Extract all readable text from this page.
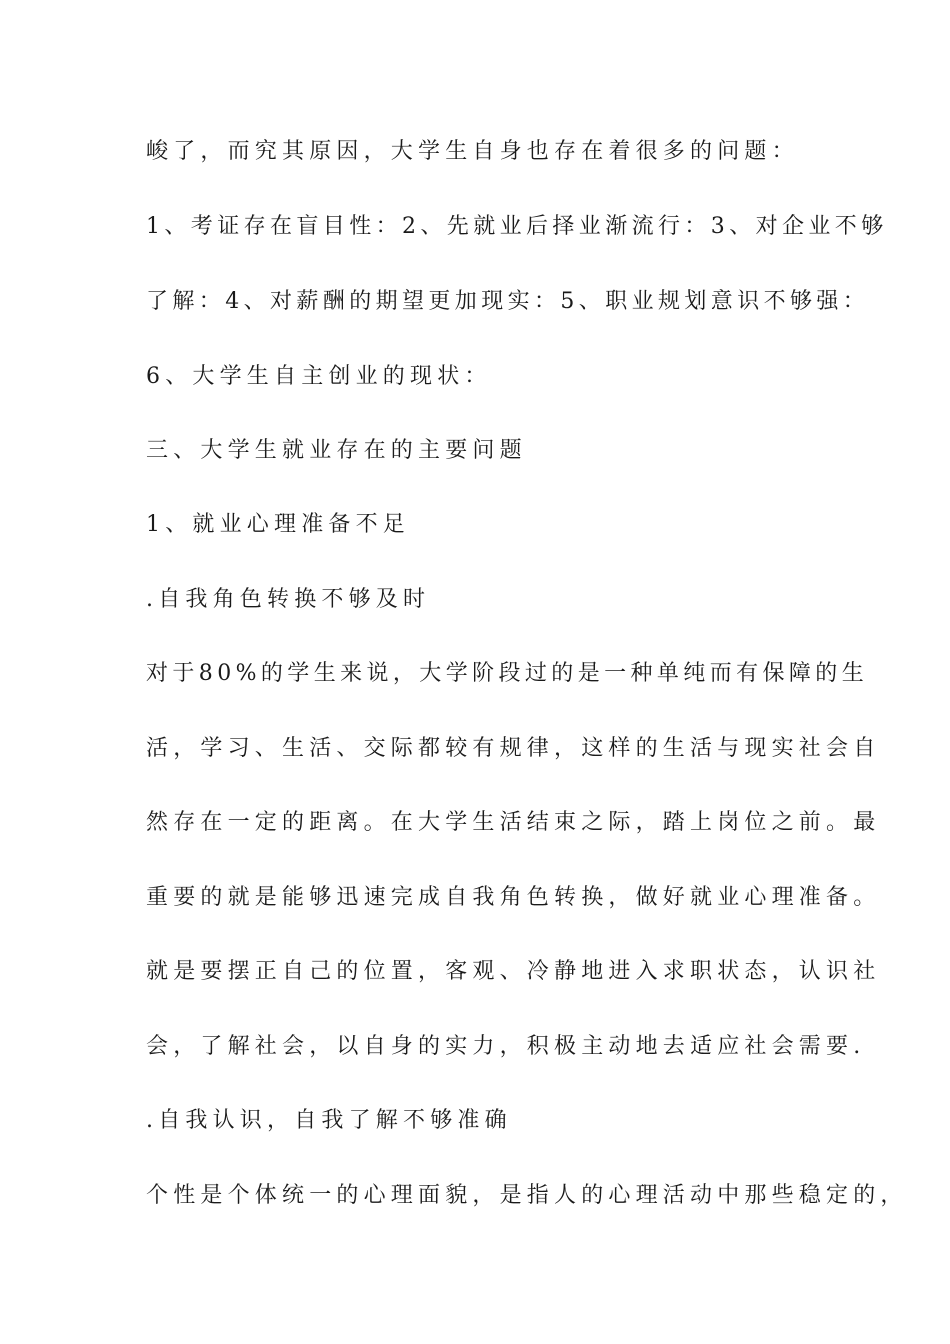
峻了，而究其原因，大学生自身也存在着很多的问题：
1、考证存在盲目性：2、先就业后择业渐流行：3、对企业不够
了解：4、对薪酬的期望更加现实：5、职业规划意识不够强：
6、大学生自主创业的现状：
三、大学生就业存在的主要问题
1、就业心理准备不足
.自我角色转换不够及时
对于80%的学生来说，大学阶段过的是一种单纯而有保障的生
活，学习、生活、交际都较有规律，这样的生活与现实社会自
然存在一定的距离。在大学生活结束之际，踏上岗位之前。最
重要的就是能够迅速完成自我角色转换，做好就业心理准备。
就是要摆正自己的位置，客观、冷静地进入求职状态，认识社
会，了解社会，以自身的实力，积极主动地去适应社会需要.
.自我认识，自我了解不够准确
个性是个体统一的心理面貌，是指人的心理活动中那些稳定的，
